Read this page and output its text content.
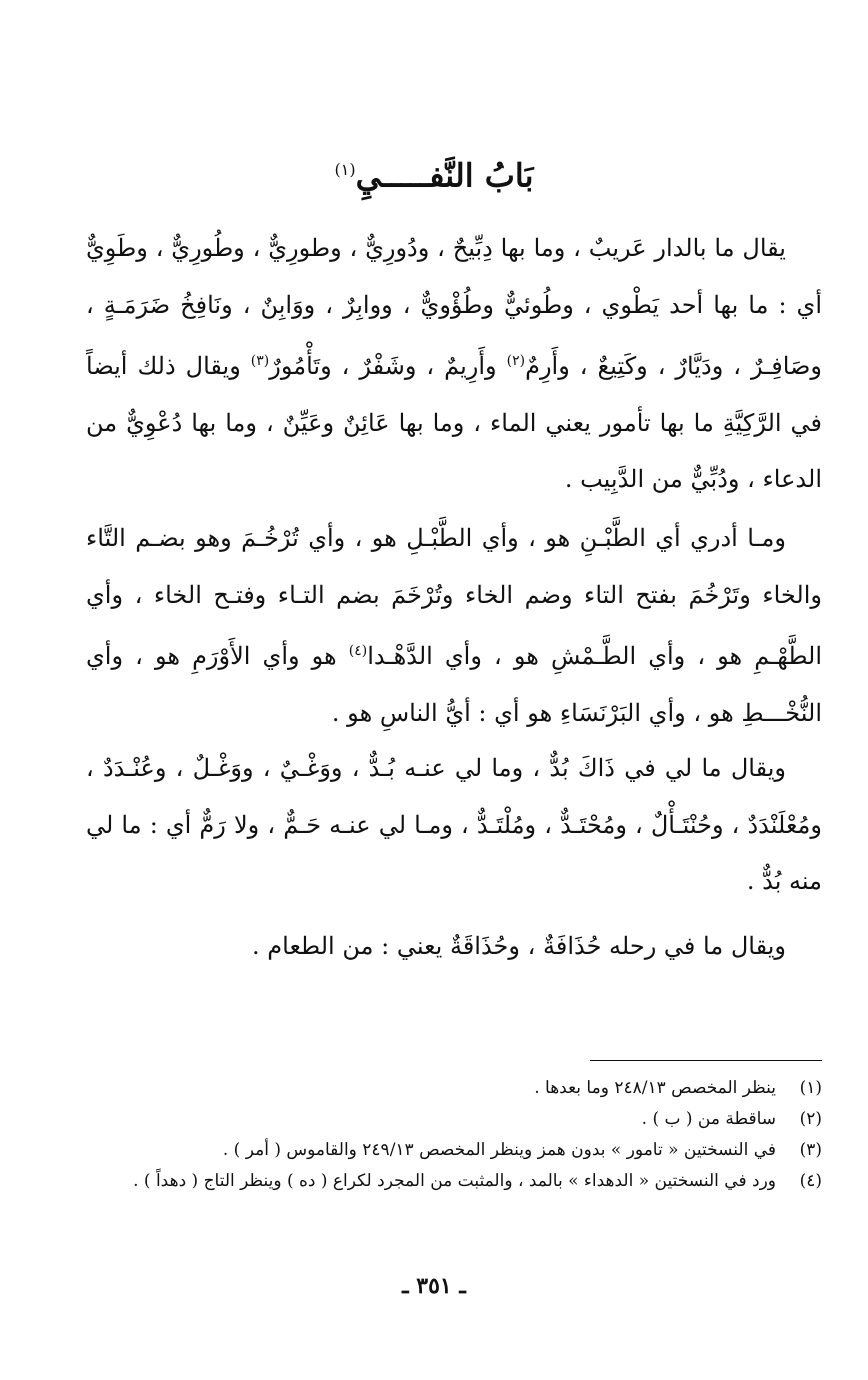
بَابُ النَّفـــــيِ$^{(١)}$

يقال ما بالدار عَريبٌ ، وما بها دِبِّيحٌ ، ودُورِيٌّ ، وطورِيٌّ ، وطُورِيٌّ ، وطَوِيٌّ أي : ما بها أحد يَطْوي ، وطُوئيٌّ وطُؤْويٌّ ، ووابِرٌ ، ووَابِنٌ ، ونَافِخُ ضَرَمَـةٍ ، وصَافِـرٌ ، ودَيَّارٌ ، وكَتِيعٌ ، وأَرِمٌ$^{(٢)}$ وأَرِيمٌ ، وشَفْرٌ ، وتَأْمُورٌ$^{(٣)}$ ويقال ذلك أيضاً في الرَّكِيَّةِ ما بها تأمور يعني الماء ، وما بها عَائِنٌ وعَيِّنٌ ، وما بها دُعْوِيٌّ من الدعاء ، ودُبِّيٌّ من الدَّبِيب .

ومـا أدري أي الطَّبْـنِ هو ، وأي الطَّبْـلِ هو ، وأي تُرْخُـمَ وهو بضـم التَّاء والخاء وتَرْخُمَ بفتح التاء وضم الخاء وتُرْخَمَ بضم التـاء وفتـح الخاء ، وأي الطَّهْـمِ هو ، وأي الطَّـمْشِ هو ، وأي الدَّهْـدا$^{(٤)}$ هو وأي الأَوْرَمِ هو ، وأي النُّخْـــطِ هو ، وأي البَرْنَسَاءِ هو أي : أيُّ الناسِ هو .

ويقال ما لي في ذَاكَ بُدٌّ ، وما لي عنـه بُـدٌّ ، ووَغْـيٌ ، ووَغْـلٌ ، وعُنْـدَدٌ ، ومُعْلَنْدَدٌ ، وحُنْتَـأْلٌ ، ومُحْتَـدٌّ ، ومُلْتَـدٌّ ، ومـا لي عنـه حَـمٌّ ، ولا رَمٌّ أي : ما لي منه بُدٌّ .

ويقال ما في رحله حُذَافَةٌ ، وحُذَاقَةٌ يعني : من الطعام .

(١)
ينظر المخصص ٢٤٨/١٣ وما بعدها .
(٢)
ساقطة من ( ب ) .
(٣)
في النسختين « تامور » بدون همز وينظر المخصص ٢٤٩/١٣ والقاموس ( أمر ) .
(٤)
ورد في النسختين « الدهداء » بالمد ، والمثبت من المجرد لكراع ( ده ) وينظر التاج ( دهداً ) .
ـ ٣٥١ ـ
